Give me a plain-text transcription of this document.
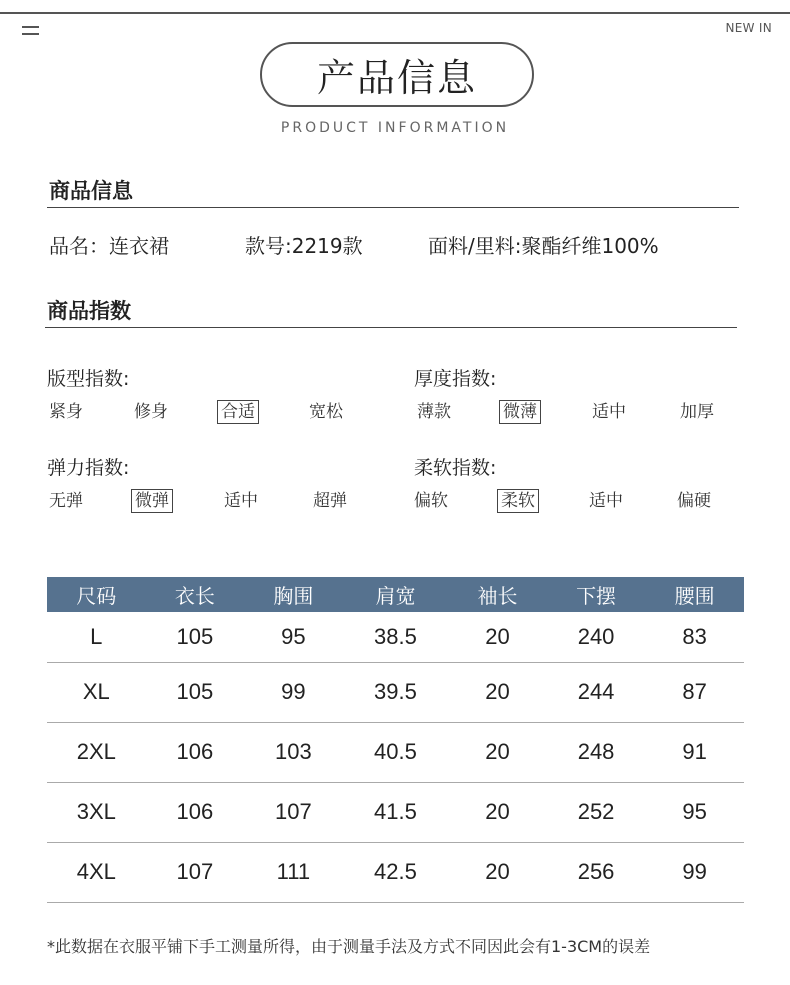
NEW IN
产品信息
PRODUCT INFORMATION
商品信息
品名：连衣裙	款号:2219款	面料/里料:聚酯纤维100%
商品指数
版型指数:
紧身	修身	合适	宽松
厚度指数:
薄款	微薄	适中	加厚
弹力指数:
无弹	微弹	适中	超弹
柔软指数:
偏软	柔软	适中	偏硬
尺码	衣长	胸围	肩宽	袖长	下摆	腰围
L	105	95	38.5	20	240	83
XL	105	99	39.5	20	244	87
2XL	106	103	40.5	20	248	91
3XL	106	107	41.5	20	252	95
4XL	107	111	42.5	20	256	99
*此数据在衣服平铺下手工测量所得，由于测量手法及方式不同因此会有1-3CM的误差
